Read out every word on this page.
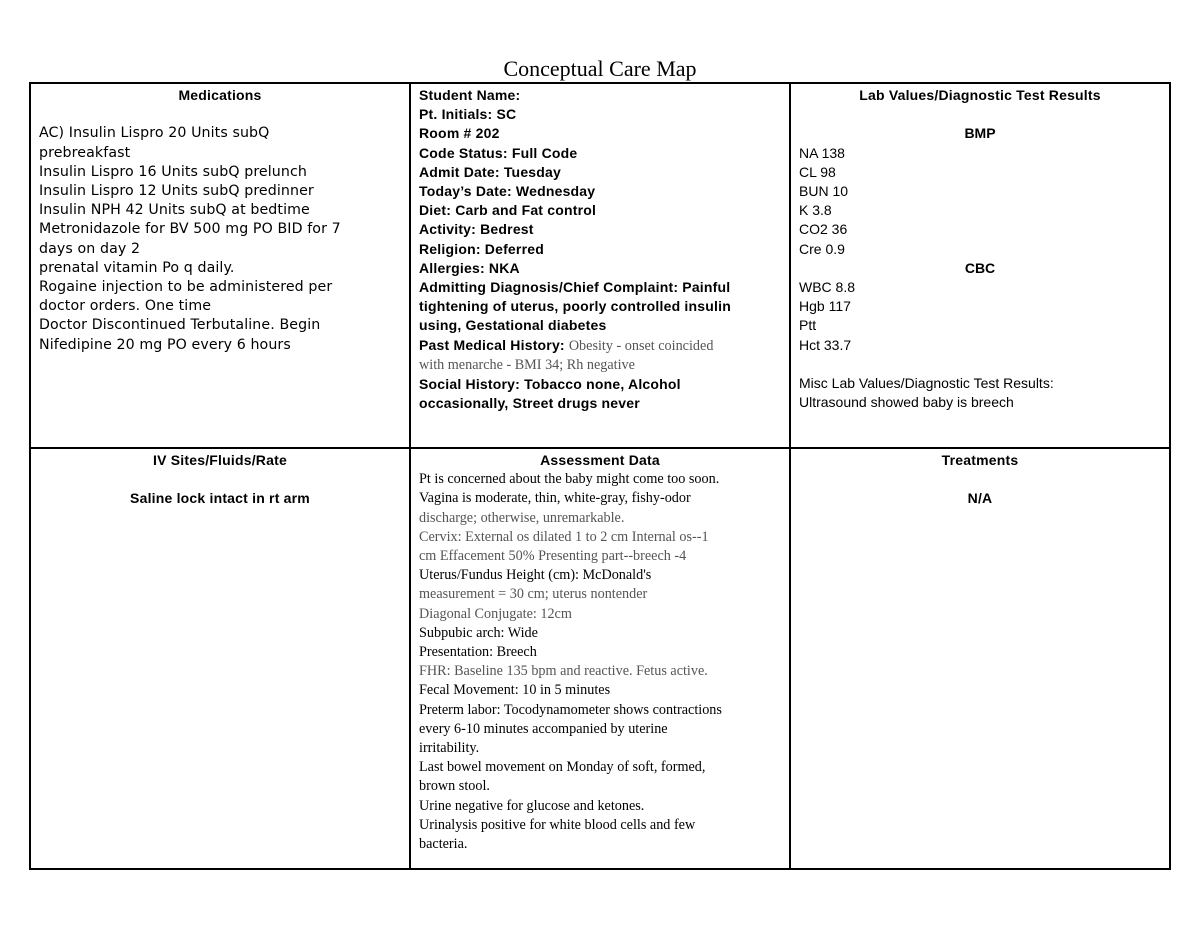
Conceptual Care Map
Medications
AC) Insulin Lispro 20 Units subQ
prebreakfast
Insulin Lispro 16 Units subQ prelunch
Insulin Lispro 12 Units subQ predinner
Insulin NPH 42 Units subQ at bedtime
Metronidazole for BV 500 mg PO BID for 7
days on day 2
prenatal vitamin Po q daily.
Rogaine injection to be administered per
doctor orders. One time
Doctor Discontinued Terbutaline. Begin
Nifedipine 20 mg PO every 6 hours
Student Name:
Pt. Initials: SC
Room # 202
Code Status: Full Code
Admit Date: Tuesday
Today’s Date: Wednesday
Diet: Carb and Fat control
Activity: Bedrest
Religion: Deferred
Allergies: NKA
Admitting Diagnosis/Chief Complaint: Painful
tightening of uterus, poorly controlled insulin
using, Gestational diabetes
Past Medical History: Obesity - onset coincided
with menarche - BMI 34; Rh negative
Social History: Tobacco none, Alcohol
occasionally, Street drugs never
Lab Values/Diagnostic Test Results
BMP
NA 138
CL 98
BUN 10
K 3.8
CO2 36
Cre 0.9
CBC
WBC 8.8
Hgb 117
Ptt
Hct 33.7
Misc Lab Values/Diagnostic Test Results:
Ultrasound showed baby is breech
IV Sites/Fluids/Rate
Saline lock intact in rt arm
Assessment Data
Pt is concerned about the baby might come too soon.
Vagina is moderate, thin, white-gray, fishy-odor
discharge; otherwise, unremarkable.
Cervix: External os dilated 1 to 2 cm Internal os--1
cm Effacement 50% Presenting part--breech -4
Uterus/Fundus Height (cm): McDonald's
measurement = 30 cm; uterus nontender
Diagonal Conjugate: 12cm
Subpubic arch: Wide
Presentation: Breech
FHR: Baseline 135 bpm and reactive. Fetus active.
Fecal Movement: 10 in 5 minutes
Preterm labor: Tocodynamometer shows contractions
every 6-10 minutes accompanied by uterine
irritability.
Last bowel movement on Monday of soft, formed,
brown stool.
Urine negative for glucose and ketones.
Urinalysis positive for white blood cells and few
bacteria.
Treatments
N/A
